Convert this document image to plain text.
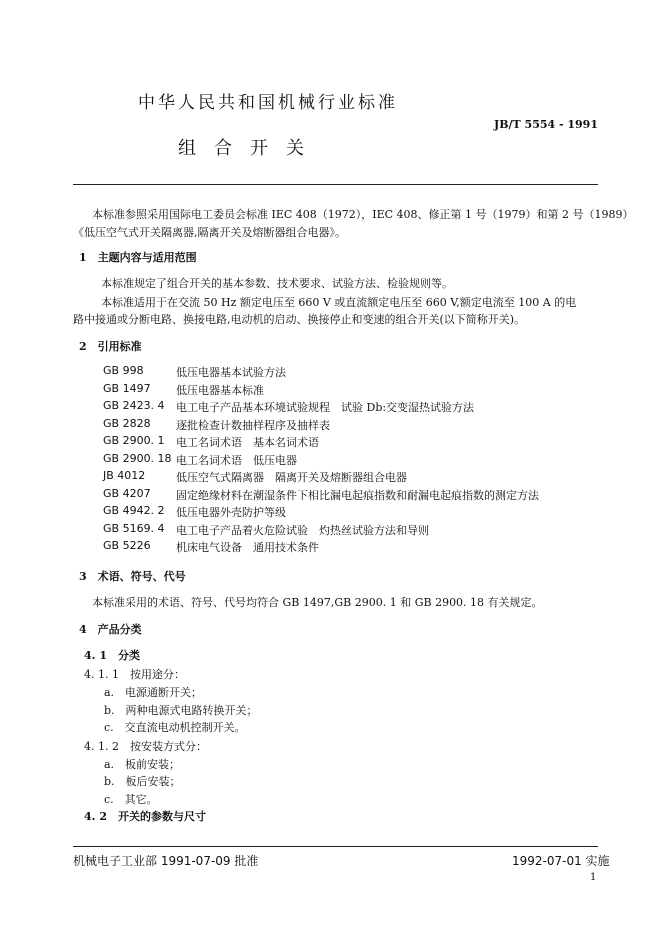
中华人民共和国机械行业标准
JB/T 5554 - 1991
组　合　开　关
本标准参照采用国际电工委员会标准 IEC 408（1972），IEC 408、修正第 1 号（1979）和第 2 号（1989）
《低压空气式开关隔离器,隔离开关及熔断器组合电器》。
1　主题内容与适用范围
本标准规定了组合开关的基本参数、技术要求、试验方法、检验规则等。
本标准适用于在交流 50 Hz 额定电压至 660 V 或直流额定电压至 660 V,额定电流至 100 A 的电
路中接通或分断电路、换接电路,电动机的启动、换接停止和变速的组合开关(以下简称开关)。
2　引用标准
GB 998	低压电器基本试验方法
GB 1497 低压电器基本标准
GB 2423. 4 电工电子产品基本环境试验规程　试验 Db:交变湿热试验方法
GB 2828 逐批检查计数抽样程序及抽样表
GB 2900. 1 电工名词术语　基本名词术语
GB 2900. 18 电工名词术语　低压电器
JB 4012	低压空气式隔离器　隔离开关及熔断器组合电器
GB 4207 固定绝缘材料在潮湿条件下相比漏电起痕指数和耐漏电起痕指数的测定方法
GB 4942. 2 低压电器外壳防护等级
GB 5169. 4 电工电子产品着火危险试验　灼热丝试验方法和导则
GB 5226 机床电气设备　通用技术条件
3　术语、符号、代号
本标准采用的术语、符号、代号均符合 GB 1497,GB 2900. 1 和 GB 2900. 18 有关规定。
4　产品分类
4. 1　分类
4. 1. 1　按用途分：
a.　电源通断开关；
b.　两种电源式电路转换开关；
c.　交直流电动机控制开关。
4. 1. 2　按安装方式分：
a.　板前安装；
b.　板后安装；
c.　其它。
4. 2　开关的参数与尺寸
机械电子工业部 1991-07-09 批准	1992-07-01 实施
1
